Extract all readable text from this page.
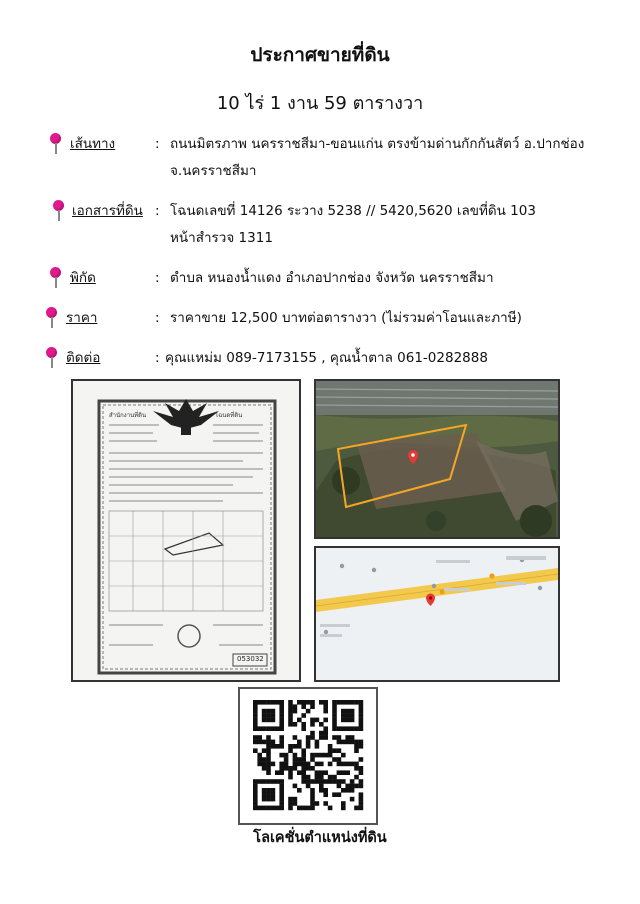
ประกาศขายที่ดิน
10 ไร่ 1 งาน 59 ตารางวา
เส้นทาง	: ถนนมิตรภาพ นครราชสีมา-ขอนแก่น ตรงข้ามด่านกักกันสัตว์ อ.ปากช่อง
จ.นครราชสีมา
เอกสารที่ดิน : โฉนดเลขที่ 14126 ระวาง 5238 // 5420,5620 เลขที่ดิน 103
หน้าสำรวจ 1311
พิกัด	: ตำบล หนองน้ำแดง อำเภอปากช่อง จังหวัด นครราชสีมา
ราคา	: ราคาขาย 12,500 บาทต่อตารางวา (ไม่รวมค่าโอนและภาษี)
ติดต่อ	: คุณแหม่ม 089-7173155 , คุณน้ำตาล 061-0282888
สำนักงานที่ดิน	โฉนดที่ดิน
053032
โลเคชั่นตำแหน่งที่ดิน
